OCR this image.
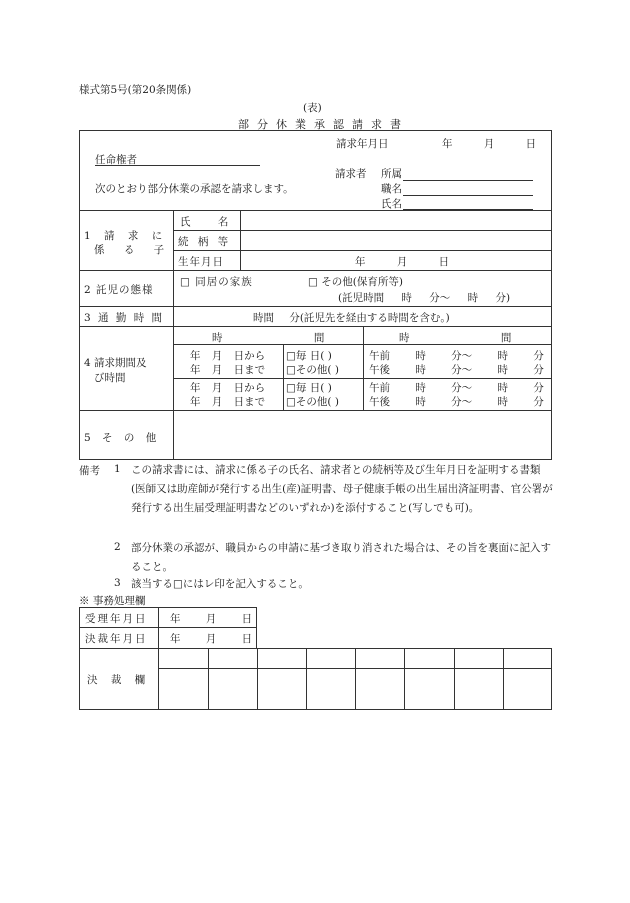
様式第5号(第20条関係)
(表)
部分休業承認請求書
請求年月日	年 月 日
任命権者
請求者 所属
次のとおり部分休業の承認を請求します。	職名
氏名
1 請 求 に
係 る 子
氏 名
続 柄 等
生年月日	年 月 日
2 託児の態様
□ 同居の家族	□ その他(保育所等)
(託児時間 時 分〜 時 分)
3 通 勤 時 間	時間 分(託児先を経由する時間を含む。)
4 請求期間及
び時間
時 間	時 間
年 月 日から □毎 日( )	午前 時 分〜 時 分
年 月 日まで □その他( )	午後 時 分〜 時 分
年 月 日から □毎 日( )	午前 時 分〜 時 分
年 月 日まで □その他( )	午後 時 分〜 時 分
5 そ の 他
備考 1 この請求書には、請求に係る子の氏名、請求者との続柄等及び生年月日を証明する書類(医師又は助産師が発行する出生(産)証明書、母子健康手帳の出生届出済証明書、官公署が発行する出生届受理証明書などのいずれか)を添付すること(写しでも可)。
2 部分休業の承認が、職員からの申請に基づき取り消された場合は、その旨を裏面に記入すること。
3 該当する□にはレ印を記入すること。
※ 事務処理欄
受理年月日 年 月 日
決裁年月日 年 月 日
決 裁 欄
